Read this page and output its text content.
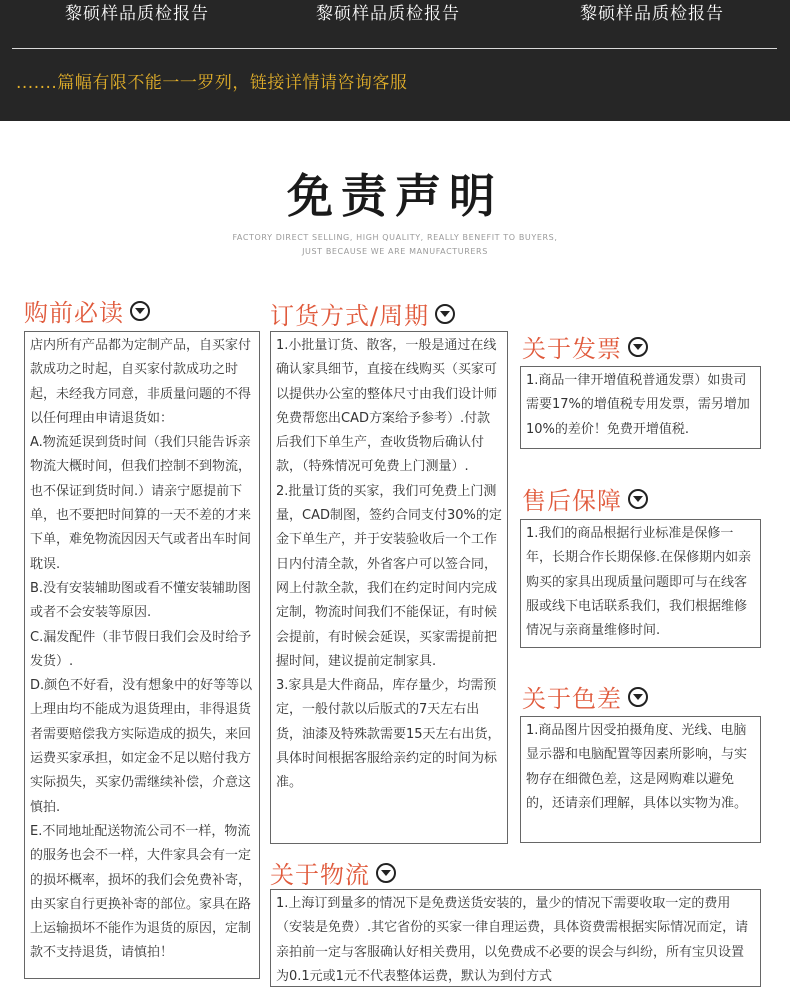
黎硕样品质检报告	黎硕样品质检报告	黎硕样品质检报告
.......篇幅有限不能一一罗列，链接详情请咨询客服
免责声明
FACTORY DIRECT SELLING, HIGH QUALITY, REALLY BENEFIT TO BUYERS,
JUST BECAUSE WE ARE MANUFACTURERS
购前必读

店内所有产品都为定制产品，自买家付款成功之时起，自买家付款成功之时起，未经我方同意，非质量问题的不得以任何理由申请退货如：

A.物流延误到货时间（我们只能告诉亲物流大概时间，但我们控制不到物流，也不保证到货时间.）请亲宁愿提前下单，也不要把时间算的一天不差的才来下单，难免物流因因天气或者出车时间耽误.

B.没有安装辅助图或看不懂安装辅助图或者不会安装等原因.

C.漏发配件（非节假日我们会及时给予发货）.

D.颜色不好看，没有想象中的好等等以上理由均不能成为退货理由，非得退货者需要赔偿我方实际造成的损失，来回运费买家承担，如定金不足以赔付我方实际损失，买家仍需继续补偿，介意这慎拍.

E.不同地址配送物流公司不一样，物流的服务也会不一样，大件家具会有一定的损坏概率，损坏的我们会免费补寄，由买家自行更换补寄的部位。家具在路上运输损坏不能作为退货的原因，定制款不支持退货，请慎拍！

订货方式/周期

1.小批量订货、散客，一般是通过在线确认家具细节，直接在线购买（买家可以提供办公室的整体尺寸由我们设计师免费帮您出CAD方案给予参考）.付款后我们下单生产，查收货物后确认付款，（特殊情况可免费上门测量）.

2.批量订货的买家，我们可免费上门测量，CAD制图，签约合同支付30%的定金下单生产，并于安装验收后一个工作日内付清全款，外省客户可以签合同，网上付款全款，我们在约定时间内完成定制，物流时间我们不能保证，有时候会提前，有时候会延误，买家需提前把握时间，建议提前定制家具.

3.家具是大件商品，库存量少，均需预定，一般付款以后版式的7天左右出货，油漆及特殊款需要15天左右出货，具体时间根据客服给亲约定的时间为标准。

关于发票

1.商品一律开增值税普通发票）如贵司需要17%的增值税专用发票，需另增加10%的差价！免费开增值税.

售后保障

1.我们的商品根据行业标准是保修一年，长期合作长期保修.在保修期内如亲购买的家具出现质量问题即可与在线客服或线下电话联系我们，我们根据维修情况与亲商量维修时间.

关于色差

1.商品图片因受拍摄角度、光线、电脑显示器和电脑配置等因素所影响，与实物存在细微色差，这是网购难以避免的，还请亲们理解，具体以实物为准。

关于物流

1.上海订到量多的情况下是免费送货安装的，量少的情况下需要收取一定的费用（安装是免费）.其它省份的买家一律自理运费，具体资费需根据实际情况而定，请亲拍前一定与客服确认好相关费用，以免费成不必要的误会与纠纷，所有宝贝设置为0.1元或1元不代表整体运费，默认为到付方式
